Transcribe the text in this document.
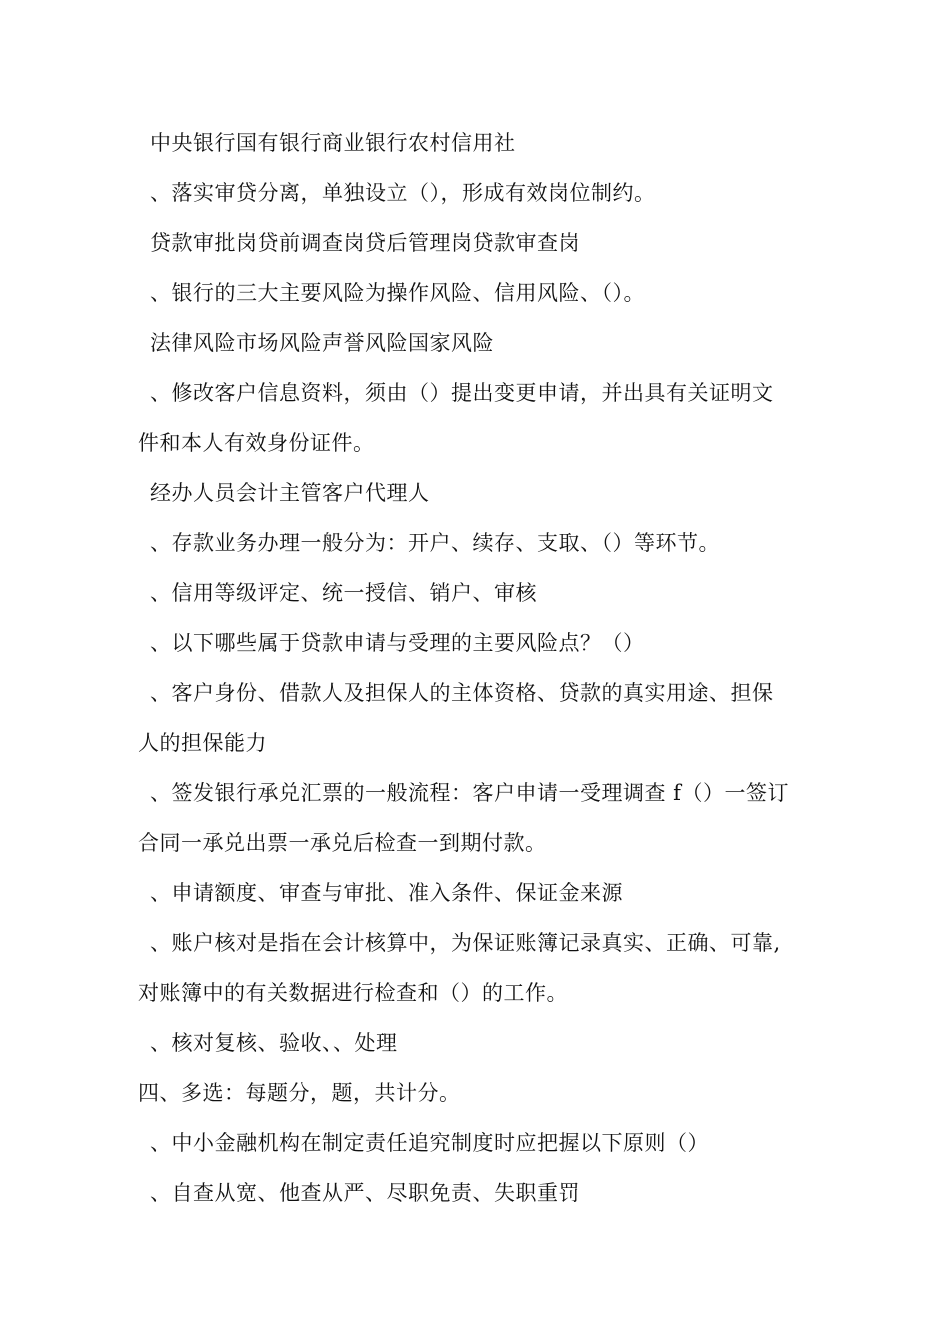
中央银行国有银行商业银行农村信用社
、落实审贷分离，单独设立（），形成有效岗位制约。
贷款审批岗贷前调查岗贷后管理岗贷款审查岗
、银行的三大主要风险为操作风险、信用风险、（）。
法律风险市场风险声誉风险国家风险
、修改客户信息资料，须由（）提出变更申请，并出具有关证明文
件和本人有效身份证件。
经办人员会计主管客户代理人
、存款业务办理一般分为：开户、续存、支取、（）等环节。
、信用等级评定、统一授信、销户、审核
、以下哪些属于贷款申请与受理的主要风险点？（）
、客户身份、借款人及担保人的主体资格、贷款的真实用途、担保
人的担保能力
、签发银行承兑汇票的一般流程：客户申请一受理调查 f（）一签订
合同一承兑出票一承兑后检查一到期付款。
、申请额度、审查与审批、准入条件、保证金来源
、账户核对是指在会计核算中，为保证账簿记录真实、正确、可靠,
对账簿中的有关数据进行检查和（）的工作。
、核对复核、验收、、处理
四、多选：每题分，题，共计分。
、中小金融机构在制定责任追究制度时应把握以下原则（）
、自查从宽、他查从严、尽职免责、失职重罚
